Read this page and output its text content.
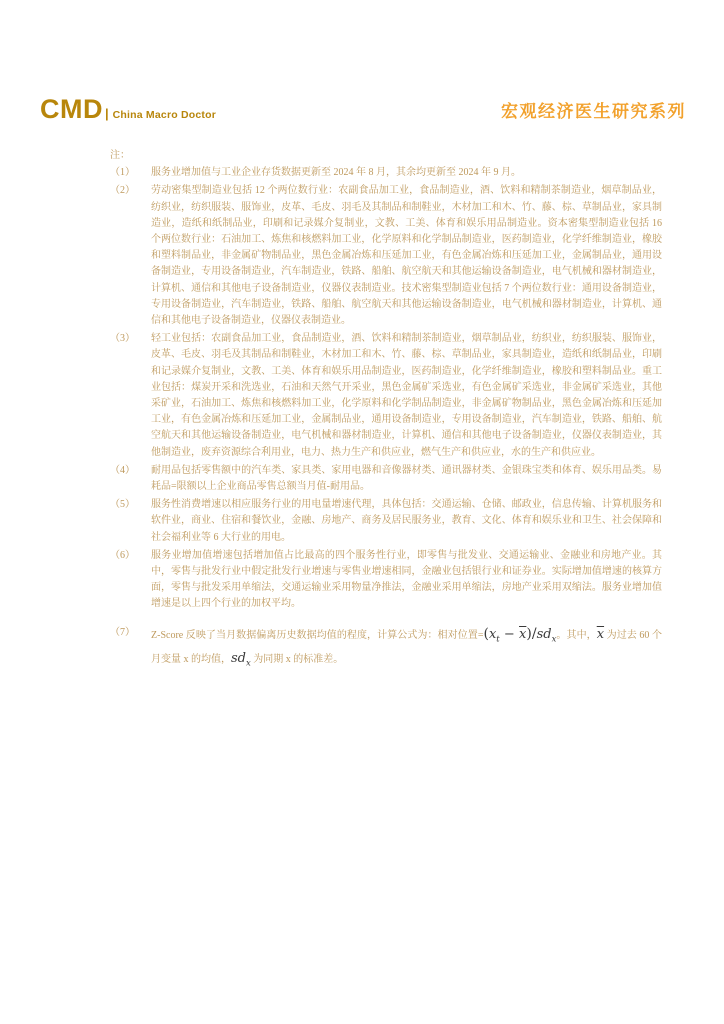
CMD | China Macro Doctor	宏观经济医生研究系列
注：
（1）	服务业增加值与工业企业存货数据更新至 2024 年 8 月，其余均更新至 2024 年 9 月。
（2）	劳动密集型制造业包括 12 个两位数行业：农副食品加工业，食品制造业，酒、饮料和精制茶制造业，烟草制品业，纺织业，纺织服装、服饰业，皮革、毛皮、羽毛及其制品和制鞋业，木材加工和木、竹、藤、棕、草制品业，家具制造业，造纸和纸制品业，印刷和记录媒介复制业，文教、工美、体育和娱乐用品制造业。资本密集型制造业包括 16 个两位数行业：石油加工、炼焦和核燃料加工业，化学原料和化学制品制造业，医药制造业，化学纤维制造业，橡胶和塑料制品业，非金属矿物制品业，黑色金属冶炼和压延加工业，有色金属冶炼和压延加工业，金属制品业，通用设备制造业，专用设备制造业，汽车制造业，铁路、船舶、航空航天和其他运输设备制造业，电气机械和器材制造业，计算机、通信和其他电子设备制造业，仪器仪表制造业。技术密集型制造业包括 7 个两位数行业：通用设备制造业，专用设备制造业，汽车制造业，铁路、船舶、航空航天和其他运输设备制造业，电气机械和器材制造业，计算机、通信和其他电子设备制造业，仪器仪表制造业。
（3）	轻工业包括：农副食品加工业，食品制造业，酒、饮料和精制茶制造业，烟草制品业，纺织业，纺织服装、服饰业，皮革、毛皮、羽毛及其制品和制鞋业，木材加工和木、竹、藤、棕、草制品业，家具制造业，造纸和纸制品业，印刷和记录媒介复制业，文教、工美、体育和娱乐用品制造业，医药制造业，化学纤维制造业，橡胶和塑料制品业。重工业包括：煤炭开采和洗选业，石油和天然气开采业，黑色金属矿采选业，有色金属矿采选业，非金属矿采选业，其他采矿业，石油加工、炼焦和核燃料加工业，化学原料和化学制品制造业，非金属矿物制品业，黑色金属冶炼和压延加工业，有色金属冶炼和压延加工业，金属制品业，通用设备制造业，专用设备制造业，汽车制造业，铁路、船舶、航空航天和其他运输设备制造业，电气机械和器材制造业，计算机、通信和其他电子设备制造业，仪器仪表制造业，其他制造业，废弃资源综合利用业，电力、热力生产和供应业，燃气生产和供应业，水的生产和供应业。
（4）	耐用品包括零售额中的汽车类、家具类、家用电器和音像器材类、通讯器材类、金银珠宝类和体育、娱乐用品类。易耗品=限额以上企业商品零售总额当月值-耐用品。
（5）	服务性消费增速以相应服务行业的用电量增速代理，具体包括：交通运输、仓储、邮政业，信息传输、计算机服务和软件业，商业、住宿和餐饮业，金融、房地产、商务及居民服务业，教育、文化、体育和娱乐业和卫生、社会保障和社会福利业等 6 大行业的用电。
（6）	服务业增加值增速包括增加值占比最高的四个服务性行业，即零售与批发业、交通运输业、金融业和房地产业。其中，零售与批发行业中假定批发行业增速与零售业增速相同，金融业包括银行业和证券业。实际增加值增速的核算方面，零售与批发采用单缩法，交通运输业采用物量净推法，金融业采用单缩法，房地产业采用双缩法。服务业增加值增速是以上四个行业的加权平均。
（7）	Z-Score 反映了当月数据偏离历史数据均值的程度，计算公式为：相对位置$=(x_t - \overline{x})/sd_x$。其中，$\overline{x}$ 为过去 60 个月变量 x 的均值，$sd_x$ 为同期 x 的标准差。
